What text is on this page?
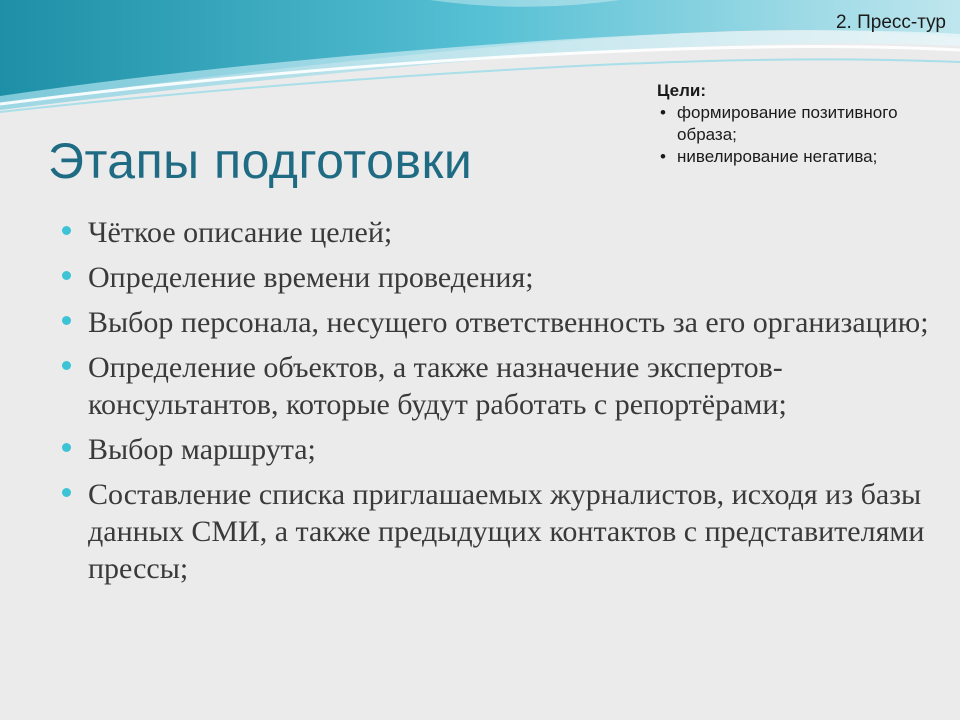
2. Пресс-тур
Цели:
• формирование позитивного образа;
• нивелирование негатива;
Этапы подготовки
Чёткое описание целей;
Определение времени проведения;
Выбор персонала, несущего ответственность за его организацию;
Определение объектов, а также назначение экспертов-консультантов, которые будут работать с репортёрами;
Выбор маршрута;
Составление списка приглашаемых журналистов, исходя из базы данных СМИ, а также предыдущих контактов с представителями прессы;
